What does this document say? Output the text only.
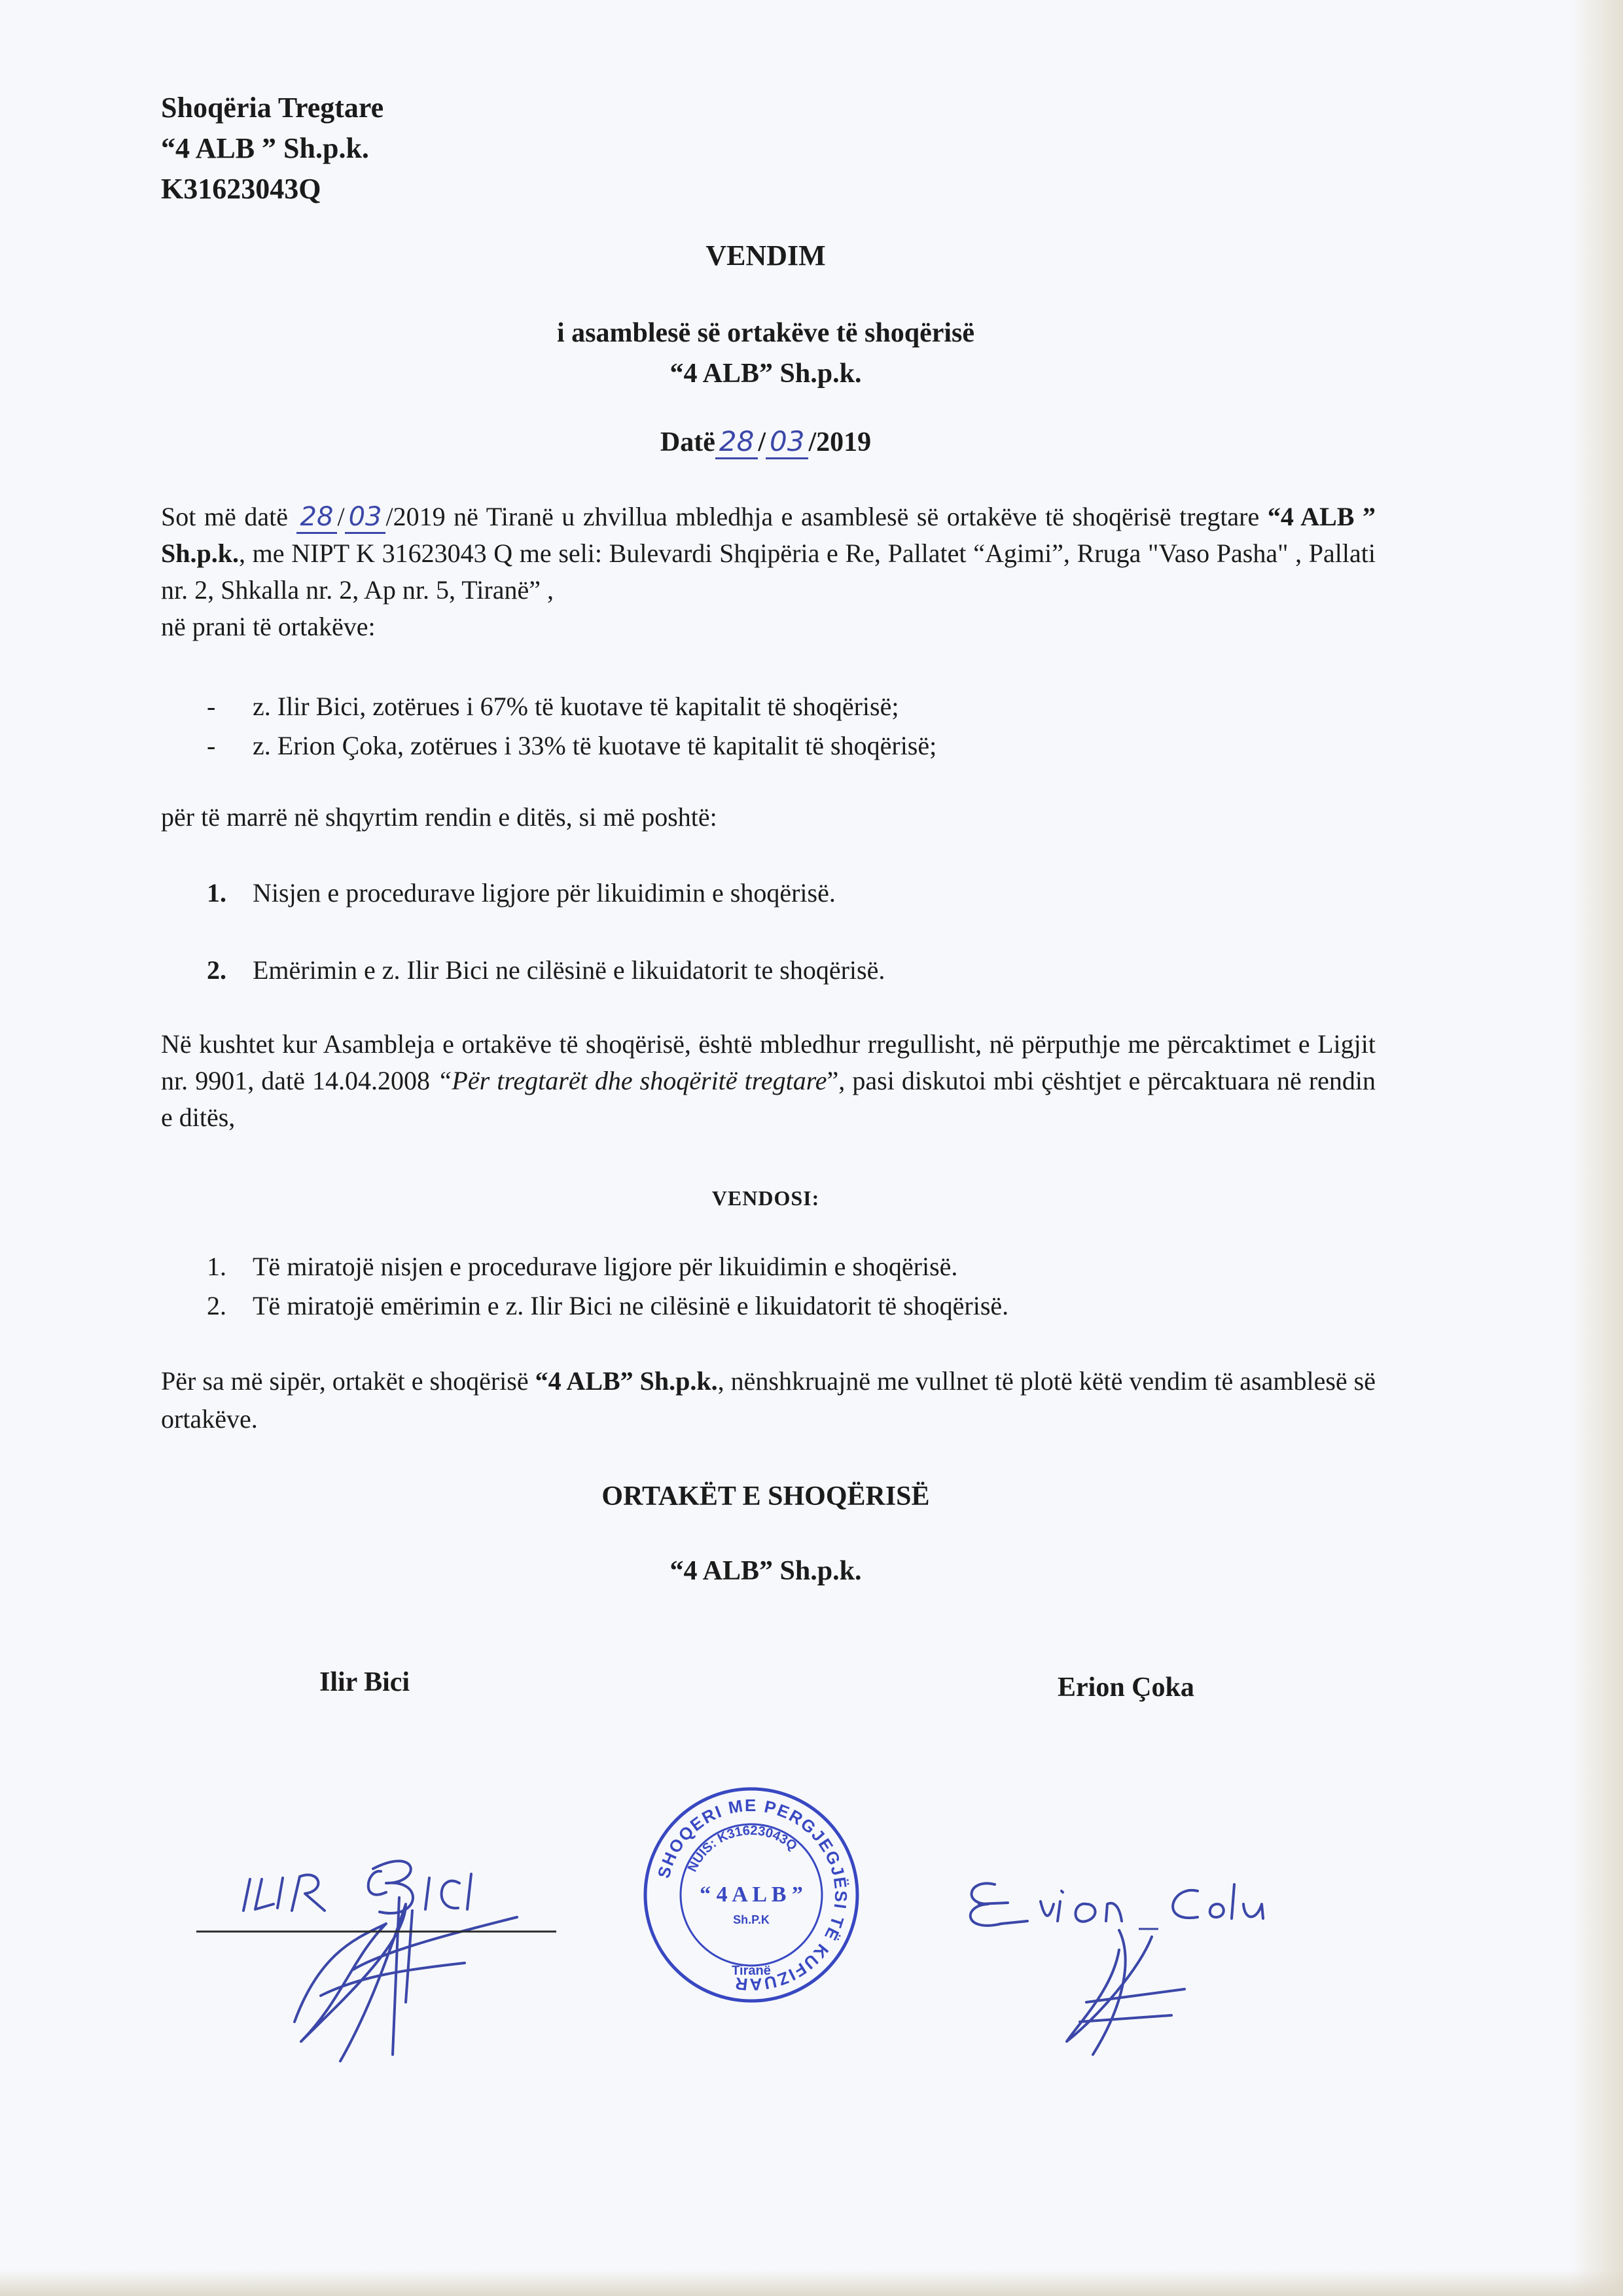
Shoqëria Tregtare
“4 ALB ” Sh.p.k.
K31623043Q
VENDIM
i asamblesë së ortakëve të shoqërisë
“4 ALB” Sh.p.k.
Datë 28 / 03 /2019
Sot më datë 28 / 03 /2019 në Tiranë u zhvillua mbledhja e asamblesë së ortakëve të shoqërisë tregtare “4 ALB ” Sh.p.k., me NIPT K 31623043 Q me seli: Bulevardi Shqipëria e Re, Pallatet “Agimi”, Rruga "Vaso Pasha" , Pallati nr. 2, Shkalla nr. 2, Ap nr. 5, Tiranë” ,
në prani të ortakëve:
- z. Ilir Bici, zotërues i 67% të kuotave të kapitalit të shoqërisë;
- z. Erion Çoka, zotërues i 33% të kuotave të kapitalit të shoqërisë;
për të marrë në shqyrtim rendin e ditës, si më poshtë:
1. Nisjen e procedurave ligjore për likuidimin e shoqërisë.
2. Emërimin e z. Ilir Bici ne cilësinë e likuidatorit te shoqërisë.
Në kushtet kur Asambleja e ortakëve të shoqërisë, është mbledhur rregullisht, në përputhje me përcaktimet e Ligjit nr. 9901, datë 14.04.2008 “Për tregtarët dhe shoqëritë tregtare”, pasi diskutoi mbi çështjet e përcaktuara në rendin e ditës,
VENDOSI:
1. Të miratojë nisjen e procedurave ligjore për likuidimin e shoqërisë.
2. Të miratojë emërimin e z. Ilir Bici ne cilësinë e likuidatorit të shoqërisë.
Për sa më sipër, ortakët e shoqërisë “4 ALB” Sh.p.k., nënshkruajnë me vullnet të plotë këtë vendim të asamblesë së ortakëve.
ORTAKËT E SHOQËRISË
“4 ALB” Sh.p.k.
Ilir Bici	Erion Çoka
SHOQERI ME PERGJEGJËSI TË KUFIZUAR
NUIS: K31623043Q
“ 4 A L B ”
Sh.P.K
Tiranë
